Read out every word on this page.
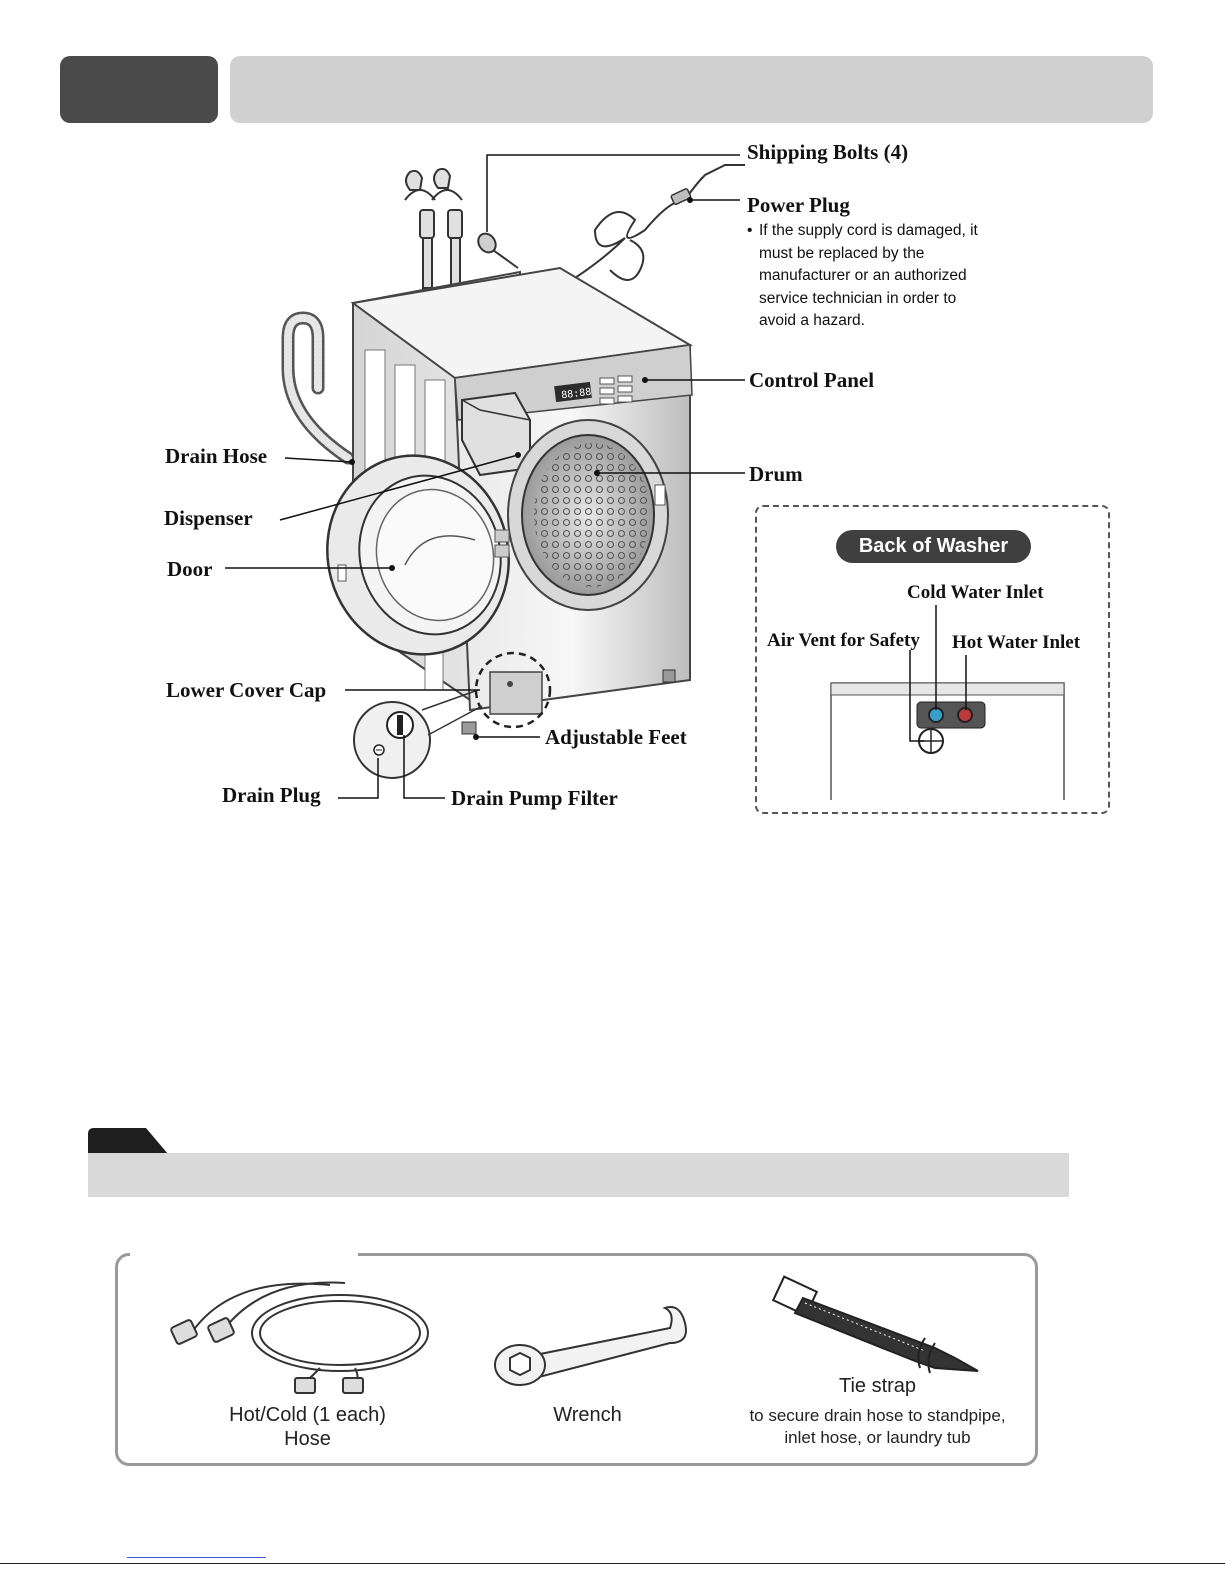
88:88
Shipping Bolts (4)
Power Plug
• If the supply cord is damaged, it must be replaced by the manufacturer or an authorized service technician in order to avoid a hazard.
Control Panel
Drain Hose
Drum
Dispenser
Door
Lower Cover Cap
Adjustable Feet
Drain Plug	Drain Pump Filter
Back of Washer
Cold Water Inlet
Air Vent for Safety Hot Water Inlet
Hot/Cold (1 each)
Hose
Wrench
Tie strap
to secure drain hose to standpipe,
inlet hose, or laundry tub
